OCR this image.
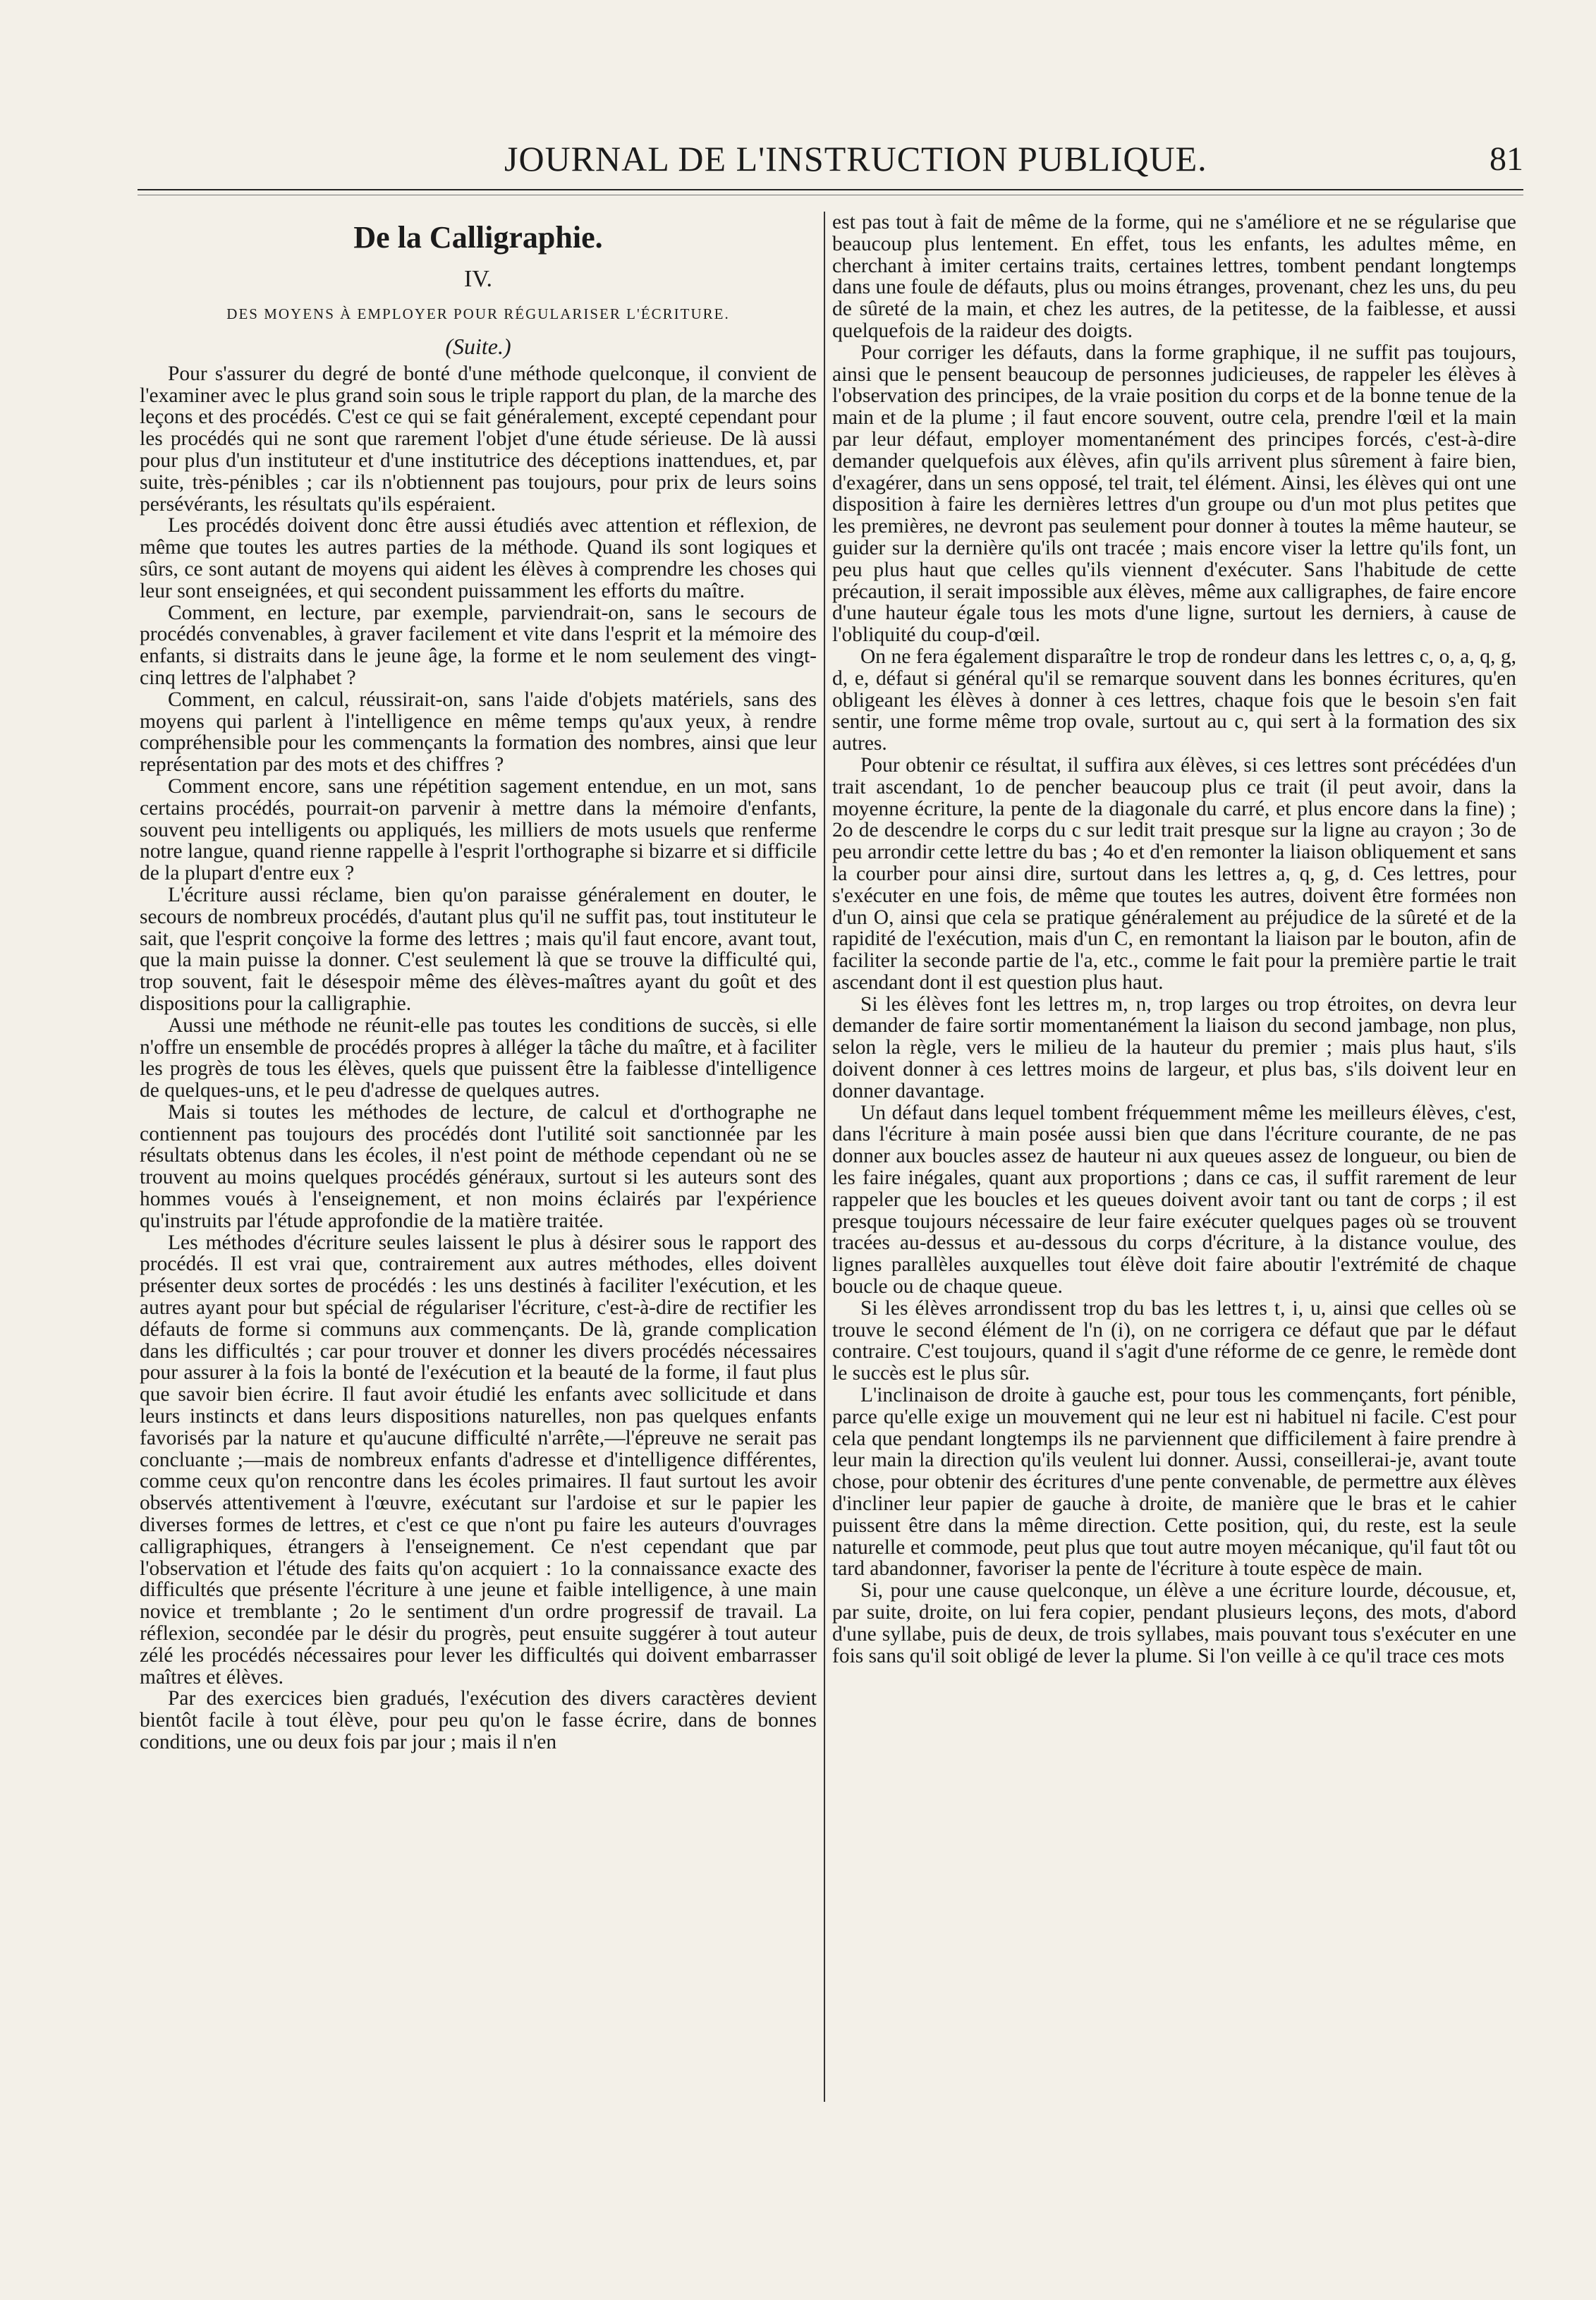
JOURNAL DE L'INSTRUCTION PUBLIQUE.	81
De la Calligraphie.
IV.
DES MOYENS À EMPLOYER POUR RÉGULARISER L'ÉCRITURE.
(Suite.)

Pour s'assurer du degré de bonté d'une méthode quelconque, il convient de l'examiner avec le plus grand soin sous le triple rapport du plan, de la marche des leçons et des procédés. C'est ce qui se fait généralement, excepté cependant pour les procédés qui ne sont que rarement l'objet d'une étude sérieuse. De là aussi pour plus d'un instituteur et d'une institutrice des déceptions inattendues, et, par suite, très-pénibles ; car ils n'obtiennent pas toujours, pour prix de leurs soins persévérants, les résultats qu'ils espéraient.

Les procédés doivent donc être aussi étudiés avec attention et réflexion, de même que toutes les autres parties de la méthode. Quand ils sont logiques et sûrs, ce sont autant de moyens qui aident les élèves à comprendre les choses qui leur sont enseignées, et qui secondent puissamment les efforts du maître.

Comment, en lecture, par exemple, parviendrait-on, sans le secours de procédés convenables, à graver facilement et vite dans l'esprit et la mémoire des enfants, si distraits dans le jeune âge, la forme et le nom seulement des vingt-cinq lettres de l'alphabet ?

Comment, en calcul, réussirait-on, sans l'aide d'objets matériels, sans des moyens qui parlent à l'intelligence en même temps qu'aux yeux, à rendre compréhensible pour les commençants la formation des nombres, ainsi que leur représentation par des mots et des chiffres ?

Comment encore, sans une répétition sagement entendue, en un mot, sans certains procédés, pourrait-on parvenir à mettre dans la mémoire d'enfants, souvent peu intelligents ou appliqués, les milliers de mots usuels que renferme notre langue, quand rienne rappelle à l'esprit l'orthographe si bizarre et si difficile de la plupart d'entre eux ?

L'écriture aussi réclame, bien qu'on paraisse généralement en douter, le secours de nombreux procédés, d'autant plus qu'il ne suffit pas, tout instituteur le sait, que l'esprit conçoive la forme des lettres ; mais qu'il faut encore, avant tout, que la main puisse la donner. C'est seulement là que se trouve la difficulté qui, trop souvent, fait le désespoir même des élèves-maîtres ayant du goût et des dispositions pour la calligraphie.

Aussi une méthode ne réunit-elle pas toutes les conditions de succès, si elle n'offre un ensemble de procédés propres à alléger la tâche du maître, et à faciliter les progrès de tous les élèves, quels que puissent être la faiblesse d'intelligence de quelques-uns, et le peu d'adresse de quelques autres.

Mais si toutes les méthodes de lecture, de calcul et d'orthographe ne contiennent pas toujours des procédés dont l'utilité soit sanctionnée par les résultats obtenus dans les écoles, il n'est point de méthode cependant où ne se trouvent au moins quelques procédés généraux, surtout si les auteurs sont des hommes voués à l'enseignement, et non moins éclairés par l'expérience qu'instruits par l'étude approfondie de la matière traitée.

Les méthodes d'écriture seules laissent le plus à désirer sous le rapport des procédés. Il est vrai que, contrairement aux autres méthodes, elles doivent présenter deux sortes de procédés : les uns destinés à faciliter l'exécution, et les autres ayant pour but spécial de régulariser l'écriture, c'est-à-dire de rectifier les défauts de forme si communs aux commençants. De là, grande complication dans les difficultés ; car pour trouver et donner les divers procédés nécessaires pour assurer à la fois la bonté de l'exécution et la beauté de la forme, il faut plus que savoir bien écrire. Il faut avoir étudié les enfants avec sollicitude et dans leurs instincts et dans leurs dispositions naturelles, non pas quelques enfants favorisés par la nature et qu'aucune difficulté n'arrête,—l'épreuve ne serait pas concluante ;—mais de nombreux enfants d'adresse et d'intelligence différentes, comme ceux qu'on rencontre dans les écoles primaires. Il faut surtout les avoir observés attentivement à l'œuvre, exécutant sur l'ardoise et sur le papier les diverses formes de lettres, et c'est ce que n'ont pu faire les auteurs d'ouvrages calligraphiques, étrangers à l'enseignement. Ce n'est cependant que par l'observation et l'étude des faits qu'on acquiert : 1o la connaissance exacte des difficultés que présente l'écriture à une jeune et faible intelligence, à une main novice et tremblante ; 2o le sentiment d'un ordre progressif de travail. La réflexion, secondée par le désir du progrès, peut ensuite suggérer à tout auteur zélé les procédés nécessaires pour lever les difficultés qui doivent embarrasser maîtres et élèves.

Par des exercices bien gradués, l'exécution des divers caractères devient bientôt facile à tout élève, pour peu qu'on le fasse écrire, dans de bonnes conditions, une ou deux fois par jour ; mais il n'en

est pas tout à fait de même de la forme, qui ne s'améliore et ne se régularise que beaucoup plus lentement. En effet, tous les enfants, les adultes même, en cherchant à imiter certains traits, certaines lettres, tombent pendant longtemps dans une foule de défauts, plus ou moins étranges, provenant, chez les uns, du peu de sûreté de la main, et chez les autres, de la petitesse, de la faiblesse, et aussi quelquefois de la raideur des doigts.

Pour corriger les défauts, dans la forme graphique, il ne suffit pas toujours, ainsi que le pensent beaucoup de personnes judicieuses, de rappeler les élèves à l'observation des principes, de la vraie position du corps et de la bonne tenue de la main et de la plume ; il faut encore souvent, outre cela, prendre l'œil et la main par leur défaut, employer momentanément des principes forcés, c'est-à-dire demander quelquefois aux élèves, afin qu'ils arrivent plus sûrement à faire bien, d'exagérer, dans un sens opposé, tel trait, tel élément. Ainsi, les élèves qui ont une disposition à faire les dernières lettres d'un groupe ou d'un mot plus petites que les premières, ne devront pas seulement pour donner à toutes la même hauteur, se guider sur la dernière qu'ils ont tracée ; mais encore viser la lettre qu'ils font, un peu plus haut que celles qu'ils viennent d'exécuter. Sans l'habitude de cette précaution, il serait impossible aux élèves, même aux calligraphes, de faire encore d'une hauteur égale tous les mots d'une ligne, surtout les derniers, à cause de l'obliquité du coup-d'œil.

On ne fera également disparaître le trop de rondeur dans les lettres c, o, a, q, g, d, e, défaut si général qu'il se remarque souvent dans les bonnes écritures, qu'en obligeant les élèves à donner à ces lettres, chaque fois que le besoin s'en fait sentir, une forme même trop ovale, surtout au c, qui sert à la formation des six autres.

Pour obtenir ce résultat, il suffira aux élèves, si ces lettres sont précédées d'un trait ascendant, 1o de pencher beaucoup plus ce trait (il peut avoir, dans la moyenne écriture, la pente de la diagonale du carré, et plus encore dans la fine) ; 2o de descendre le corps du c sur ledit trait presque sur la ligne au crayon ; 3o de peu arrondir cette lettre du bas ; 4o et d'en remonter la liaison obliquement et sans la courber pour ainsi dire, surtout dans les lettres a, q, g, d. Ces lettres, pour s'exécuter en une fois, de même que toutes les autres, doivent être formées non d'un O, ainsi que cela se pratique généralement au préjudice de la sûreté et de la rapidité de l'exécution, mais d'un C, en remontant la liaison par le bouton, afin de faciliter la seconde partie de l'a, etc., comme le fait pour la première partie le trait ascendant dont il est question plus haut.

Si les élèves font les lettres m, n, trop larges ou trop étroites, on devra leur demander de faire sortir momentanément la liaison du second jambage, non plus, selon la règle, vers le milieu de la hauteur du premier ; mais plus haut, s'ils doivent donner à ces lettres moins de largeur, et plus bas, s'ils doivent leur en donner davantage.

Un défaut dans lequel tombent fréquemment même les meilleurs élèves, c'est, dans l'écriture à main posée aussi bien que dans l'écriture courante, de ne pas donner aux boucles assez de hauteur ni aux queues assez de longueur, ou bien de les faire inégales, quant aux proportions ; dans ce cas, il suffit rarement de leur rappeler que les boucles et les queues doivent avoir tant ou tant de corps ; il est presque toujours nécessaire de leur faire exécuter quelques pages où se trouvent tracées au-dessus et au-dessous du corps d'écriture, à la distance voulue, des lignes parallèles auxquelles tout élève doit faire aboutir l'extrémité de chaque boucle ou de chaque queue.

Si les élèves arrondissent trop du bas les lettres t, i, u, ainsi que celles où se trouve le second élément de l'n (i), on ne corrigera ce défaut que par le défaut contraire. C'est toujours, quand il s'agit d'une réforme de ce genre, le remède dont le succès est le plus sûr.

L'inclinaison de droite à gauche est, pour tous les commençants, fort pénible, parce qu'elle exige un mouvement qui ne leur est ni habituel ni facile. C'est pour cela que pendant longtemps ils ne parviennent que difficilement à faire prendre à leur main la direction qu'ils veulent lui donner. Aussi, conseillerai-je, avant toute chose, pour obtenir des écritures d'une pente convenable, de permettre aux élèves d'incliner leur papier de gauche à droite, de manière que le bras et le cahier puissent être dans la même direction. Cette position, qui, du reste, est la seule naturelle et commode, peut plus que tout autre moyen mécanique, qu'il faut tôt ou tard abandonner, favoriser la pente de l'écriture à toute espèce de main.

Si, pour une cause quelconque, un élève a une écriture lourde, décousue, et, par suite, droite, on lui fera copier, pendant plusieurs leçons, des mots, d'abord d'une syllabe, puis de deux, de trois syllabes, mais pouvant tous s'exécuter en une fois sans qu'il soit obligé de lever la plume. Si l'on veille à ce qu'il trace ces mots
